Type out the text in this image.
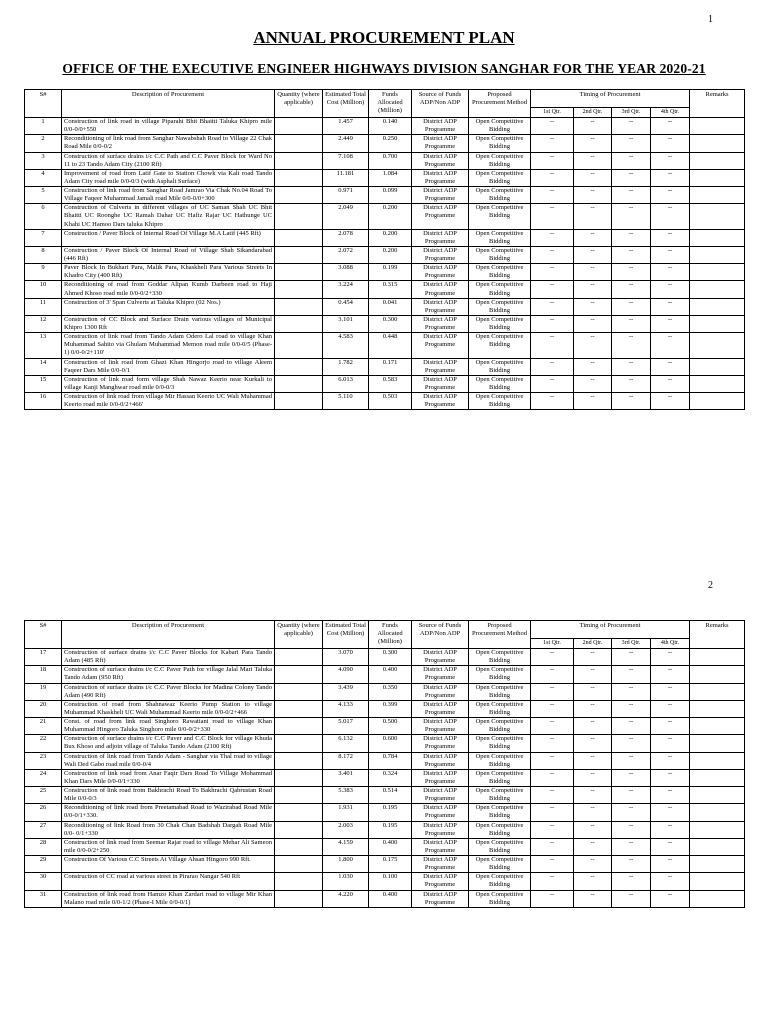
1
ANNUAL PROCUREMENT PLAN
OFFICE OF THE EXECUTIVE ENGINEER HIGHWAYS DIVISION SANGHAR FOR THE YEAR 2020-21
S#	Description of Procurement	Quantity (where applicable)	Estimated Total Cost (Million)	Funds Allocated (Million)	Source of Funds ADP/Non ADP	Proposed Procurement Method	Timing of Procurement				Remarks
							1st Qtr.	2nd Qtr.	3rd Qtr.	4th Qtr.	
1	Construction of link road in village Piparahi Bhit Bhaitti Taluka Khipro mile 0/0-0/0+550		1.457	0.140	District ADP Programme	Open Competitive Bidding	--	--	--	--	
2	Reconditioning of link road from Sanghar Nawabshah Road to Village 22 Chak Road Mile 0/0-0/2		2.449	0.250	District ADP Programme	Open Competitive Bidding	--	--	--	--	
3	Construction of surface drains i/c C.C Path and C.C Paver Block for Ward No 11 to 23 Tando Adam City (2100 Rft)		7.108	0.700	District ADP Programme	Open Competitive Bidding	--	--	--	--	
4	Improvement of road from Latif Gate to Station Chowk via Kali road Tando Adam City road mile 0/0-0/3 (with Asphalt Surface)		11.181	1.084	District ADP Programme	Open Competitive Bidding	--	--	--	--	
5	Construction of link road from Sanghar Road Jamrao Via Chak No.04 Road To Village Faqeer Muhammad Jamali road Mile 0/0-0/0+300		0.971	0.099	District ADP Programme	Open Competitive Bidding	--	--	--	--	
6	Construction of Culverts in different villages of UC Saman Shah UC Bhit Bhaitti UC Roonghe UC Ramah Dahar UC Hafiz Rajar UC Hathunge UC Khahi UC Hamoo Dars taluka Khipro		2.049	0.200	District ADP Programme	Open Competitive Bidding	--	--	--	--	
7	Construction / Paver Block of Internal Road Of Village M.A Latif (445 Rft)		2.078	0.200	District ADP Programme	Open Competitive Bidding	--	--	--	--	
8	Construction / Paver Block Of Internal Road of Village Shah Sikandarabad (446 Rft)		2.072	0.200	District ADP Programme	Open Competitive Bidding	--	--	--	--	
9	Paver Block In Bukhari Para, Malik Para, Khaskheli Para Various Streets In Khadro City (400 Rft)		3.088	0.199	District ADP Programme	Open Competitive Bidding	--	--	--	--	
10	Reconditioning of road from Goddar Alipan Kumb Darbeen road to Haji Ahmed Khoso road mile 0/0-0/2+330		3.224	0.315	District ADP Programme	Open Competitive Bidding	--	--	--	--	
11	Construction of 3' Span Culverts at Taluka Khipro (02 Nos.)		0.454	0.041	District ADP Programme	Open Competitive Bidding	--	--	--	--	
12	Construction of CC Block and Surface Drain various villages of Municipal Khipro 1300 Rft		3.101	0.300	District ADP Programme	Open Competitive Bidding	--	--	--	--	
13	Construction of link road from Tando Adam Odero Lal road to village Khan Muhammad Sahito via Ghulam Muhammad Memon road mile 0/0-0/5 (Phase-1) 0/0-0/2+110'		4.583	0.448	District ADP Programme	Open Competitive Bidding	--	--	--	--	
14	Construction of link road from Ghazi Khan Hingorjo road to village Aleem Faqeer Dars Mile 0/0-0/1		1.782	0.171	District ADP Programme	Open Competitive Bidding	--	--	--	--	
15	Construction of link road form village Shah Nawaz Keerio near Kurkali to village Kanji Manghwar road mile 0/0-0/3		6.013	0.583	District ADP Programme	Open Competitive Bidding	--	--	--	--	
16	Construction of link road from village Mir Hassan Keerio UC Wali Muhammad Keerio road mile 0/0-0/2+466'		5.110	0.503	District ADP Programme	Open Competitive Bidding	--	--	--	--	
2
S#	Description of Procurement	Quantity (where applicable)	Estimated Total Cost (Million)	Funds Allocated (Million)	Source of Funds ADP/Non ADP	Proposed Procurement Method	Timing of Procurement				Remarks
							1st Qtr.	2nd Qtr.	3rd Qtr.	4th Qtr.	
17	Construction of surface drains i/c C.C Paver Blocks for Kabari Para Tando Adam (485 Rft)		3.070	0.300	District ADP Programme	Open Competitive Bidding	--	--	--	--	
18	Construction of surface drains i/c C.C Paver Path for village Jalal Mari Taluka Tando Adam (950 Rft)		4.090	0.400	District ADP Programme	Open Competitive Bidding	--	--	--	--	
19	Construction of surface drains i/c C.C Paver Blocks for Madina Colony Tando Adam (490 Rft)		3.439	0.350	District ADP Programme	Open Competitive Bidding	--	--	--	--	
20	Construction of road from Shahnawaz Keerio Pump Station to village Muhammad Khaskheli UC Wali Muhammad Keerio mile 0/0-0/2+466		4.133	0.399	District ADP Programme	Open Competitive Bidding	--	--	--	--	
21	Const. of road from link road Singhoro Rawatiani road to village Khan Muhammad Hingoro Taluka Singhoro mile 0/0-0/2+330		5.017	0.500	District ADP Programme	Open Competitive Bidding	--	--	--	--	
22	Construction of surface drains i/c C.C Paver and C.C Block for village Khuda Bux Khoso and adjoin village of Taluka Tando Adam (2100 Rft)		6.132	0.600	District ADP Programme	Open Competitive Bidding	--	--	--	--	
23	Construction of link road from Tando Adam - Sanghar via Thal road to village Wali Ded Gabo road mile 0/0-0/4		8.172	0.784	District ADP Programme	Open Competitive Bidding	--	--	--	--	
24	Construction of link road from Anar Faqir Dars Road To Village Mohammad Khan Dars Mile 0/0-0/1+330		3.401	0.324	District ADP Programme	Open Competitive Bidding	--	--	--	--	
25	Construction of link road from Bakhrachi Road To Bakhrachi Qabrustan Road Mile 0/0-0/3		5.383	0.514	District ADP Programme	Open Competitive Bidding	--	--	--	--	
26	Reconditioning of link road from Preetamabad Road to Wazirabad Road Mile 0/0-0/1+330.		1.931	0.195	District ADP Programme	Open Competitive Bidding	--	--	--	--	
27	Reconditioning of link Road from 30 Chak Chan Badshah Dargah Road Mile 0/0- 0/1+330		2.003	0.195	District ADP Programme	Open Competitive Bidding	--	--	--	--	
28	Construction of link road from Seemar Rajar road to village Mehar Ali Sameon mile 0/0-0/2+250		4.159	0.400	District ADP Programme	Open Competitive Bidding	--	--	--	--	
29	Construction Of Various C.C Streets At Village Ahsan Hingoro 990 Rft.		1.800	0.175	District ADP Programme	Open Competitive Bidding	--	--	--	--	
30	Construction of CC road at various street in Pirarao Nangar 540 Rft		1.030	0.100	District ADP Programme	Open Competitive Bidding	--	--	--	--	
31	Construction of link road from Hamzo Khan Zardari road to village Mir Khan Malano road mile 0/0-1/2 (Phase-I Mile 0/0-0/1)		4.220	0.400	District ADP Programme	Open Competitive Bidding	--	--	--	--	
